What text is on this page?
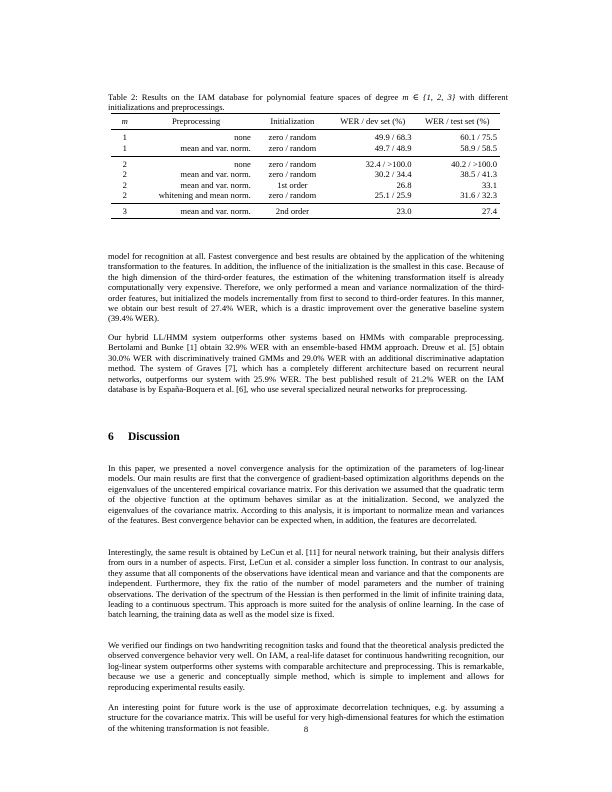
Table 2: Results on the IAM database for polynomial feature spaces of degree m ∈ {1, 2, 3} with different initializations and preprocessings.
m	Preprocessing	Initialization	WER / dev set (%)	WER / test set (%)
1	none	zero / random	49.9 / 68.3	60.1 / 75.5
1	mean and var. norm.	zero / random	49.7 / 48.9	58.9 / 58.5
2	none	zero / random	32.4 / >100.0	40.2 / >100.0
2	mean and var. norm.	zero / random	30.2 / 34.4	38.5 / 41.3
2	mean and var. norm.	1st order	26.8	33.1
2	whitening and mean norm.	zero / random	25.1 / 25.9	31.6 / 32.3
3	mean and var. norm.	2nd order	23.0	27.4

model for recognition at all. Fastest convergence and best results are obtained by the application of the whitening transformation to the features. In addition, the influence of the initialization is the smallest in this case. Because of the high dimension of the third-order features, the estimation of the whitening transformation itself is already computationally very expensive. Therefore, we only performed a mean and variance normalization of the third-order features, but initialized the models incrementally from first to second to third-order features. In this manner, we obtain our best result of 27.4% WER, which is a drastic improvement over the generative baseline system (39.4% WER).

Our hybrid LL/HMM system outperforms other systems based on HMMs with comparable preprocessing. Bertolami and Bunke [1] obtain 32.9% WER with an ensemble-based HMM approach. Dreuw et al. [5] obtain 30.0% WER with discriminatively trained GMMs and 29.0% WER with an additional discriminative adaptation method. The system of Graves [7], which has a completely different architecture based on recurrent neural networks, outperforms our system with 25.9% WER. The best published result of 21.2% WER on the IAM database is by España-Boquera et al. [6], who use several specialized neural networks for preprocessing.

6 Discussion

In this paper, we presented a novel convergence analysis for the optimization of the parameters of log-linear models. Our main results are first that the convergence of gradient-based optimization algorithms depends on the eigenvalues of the uncentered empirical covariance matrix. For this derivation we assumed that the quadratic term of the objective function at the optimum behaves similar as at the initialization. Second, we analyzed the eigenvalues of the covariance matrix. According to this analysis, it is important to normalize mean and variances of the features. Best convergence behavior can be expected when, in addition, the features are decorrelated.

Interestingly, the same result is obtained by LeCun et al. [11] for neural network training, but their analysis differs from ours in a number of aspects. First, LeCun et al. consider a simpler loss function. In contrast to our analysis, they assume that all components of the observations have identical mean and variance and that the components are independent. Furthermore, they fix the ratio of the number of model parameters and the number of training observations. The derivation of the spectrum of the Hessian is then performed in the limit of infinite training data, leading to a continuous spectrum. This approach is more suited for the analysis of online learning. In the case of batch learning, the training data as well as the model size is fixed.

We verified our findings on two handwriting recognition tasks and found that the theoretical analysis predicted the observed convergence behavior very well. On IAM, a real-life dataset for continuous handwriting recognition, our log-linear system outperforms other systems with comparable architecture and preprocessing. This is remarkable, because we use a generic and conceptually simple method, which is simple to implement and allows for reproducing experimental results easily.

An interesting point for future work is the use of approximate decorrelation techniques, e.g. by assuming a structure for the covariance matrix. This will be useful for very high-dimensional features for which the estimation of the whitening transformation is not feasible.	8
